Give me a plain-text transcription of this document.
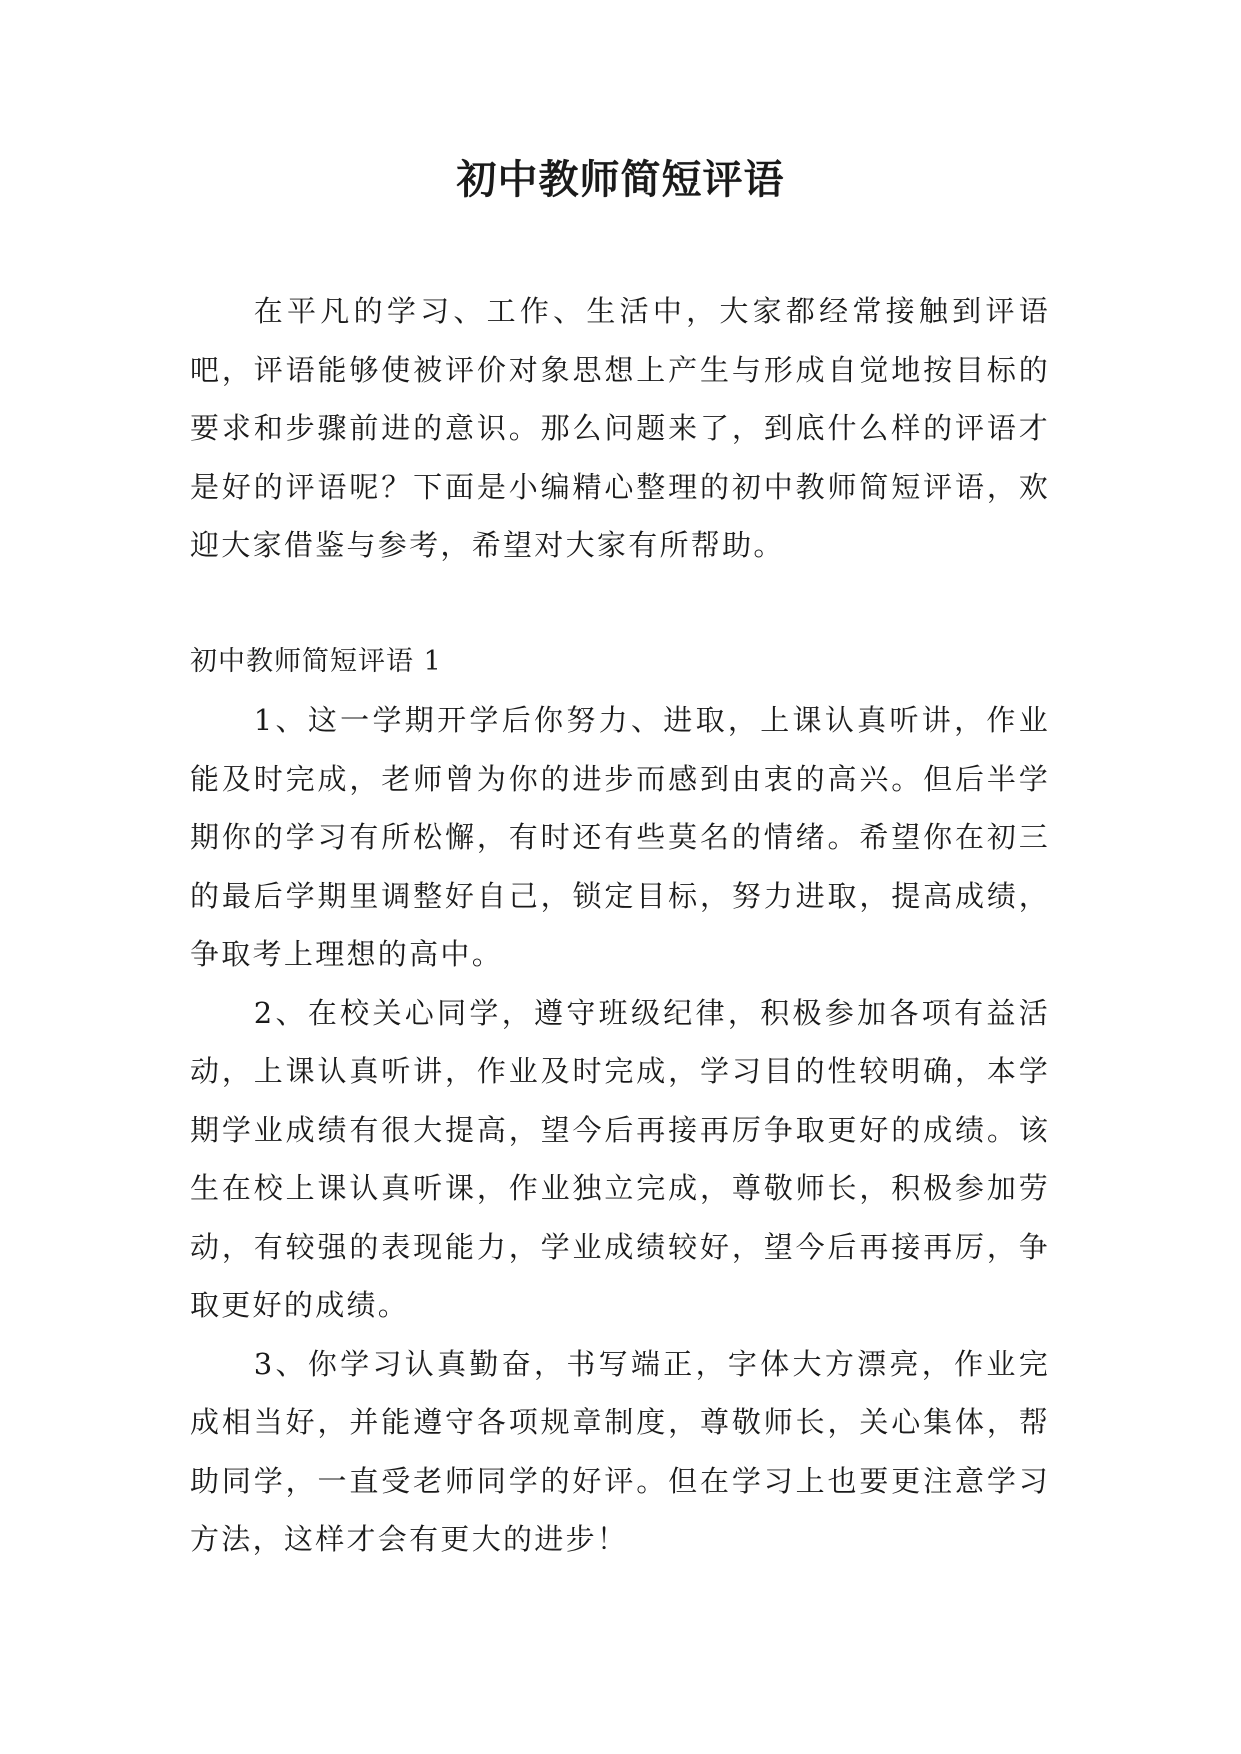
初中教师简短评语

在平凡的学习、工作、生活中，大家都经常接触到评语吧，评语能够使被评价对象思想上产生与形成自觉地按目标的要求和步骤前进的意识。那么问题来了，到底什么样的评语才是好的评语呢？下面是小编精心整理的初中教师简短评语，欢迎大家借鉴与参考，希望对大家有所帮助。

初中教师简短评语 1

1、这一学期开学后你努力、进取，上课认真听讲，作业能及时完成，老师曾为你的进步而感到由衷的高兴。但后半学期你的学习有所松懈，有时还有些莫名的情绪。希望你在初三的最后学期里调整好自己，锁定目标，努力进取，提高成绩，争取考上理想的高中。

2、在校关心同学，遵守班级纪律，积极参加各项有益活动，上课认真听讲，作业及时完成，学习目的性较明确，本学期学业成绩有很大提高，望今后再接再厉争取更好的成绩。该生在校上课认真听课，作业独立完成，尊敬师长，积极参加劳动，有较强的表现能力，学业成绩较好，望今后再接再厉，争取更好的成绩。

3、你学习认真勤奋，书写端正，字体大方漂亮，作业完成相当好，并能遵守各项规章制度，尊敬师长，关心集体，帮助同学，一直受老师同学的好评。但在学习上也要更注意学习方法，这样才会有更大的进步！
